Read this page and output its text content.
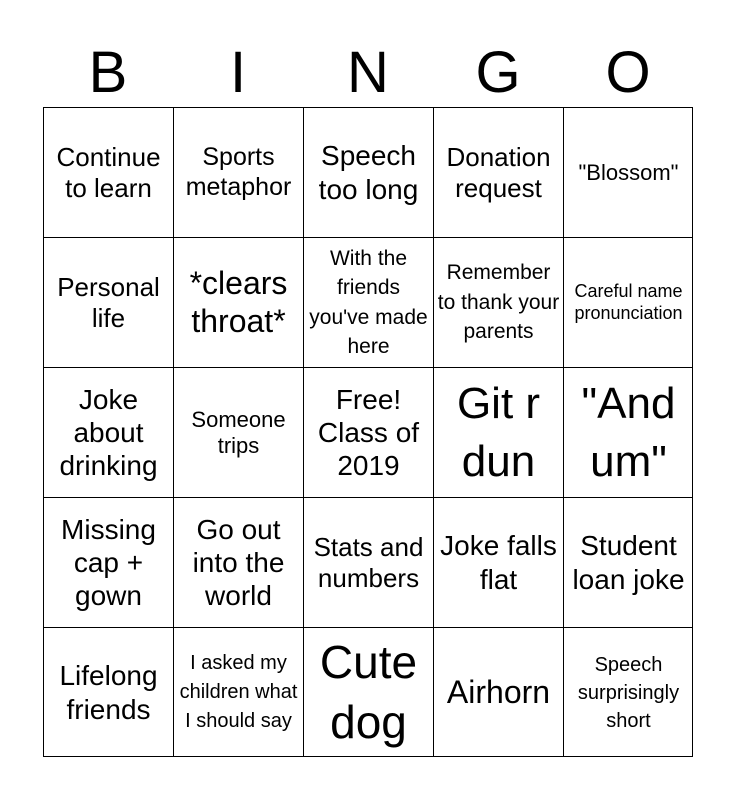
B	I	N	G	O
Continue to learn
Sports metaphor
Speech too long
Donation request
"Blossom"
Personal life
*clears throat*
With the friends you've made here
Remember to thank your parents
Careful name pronunciation
Joke about drinking
Someone trips
Free! Class of 2019
Git r dun
"And um"
Missing cap + gown
Go out into the world
Stats and numbers
Joke falls flat
Student loan joke
Lifelong friends
I asked my children what I should say
Cute dog
Airhorn
Speech surprisingly short
